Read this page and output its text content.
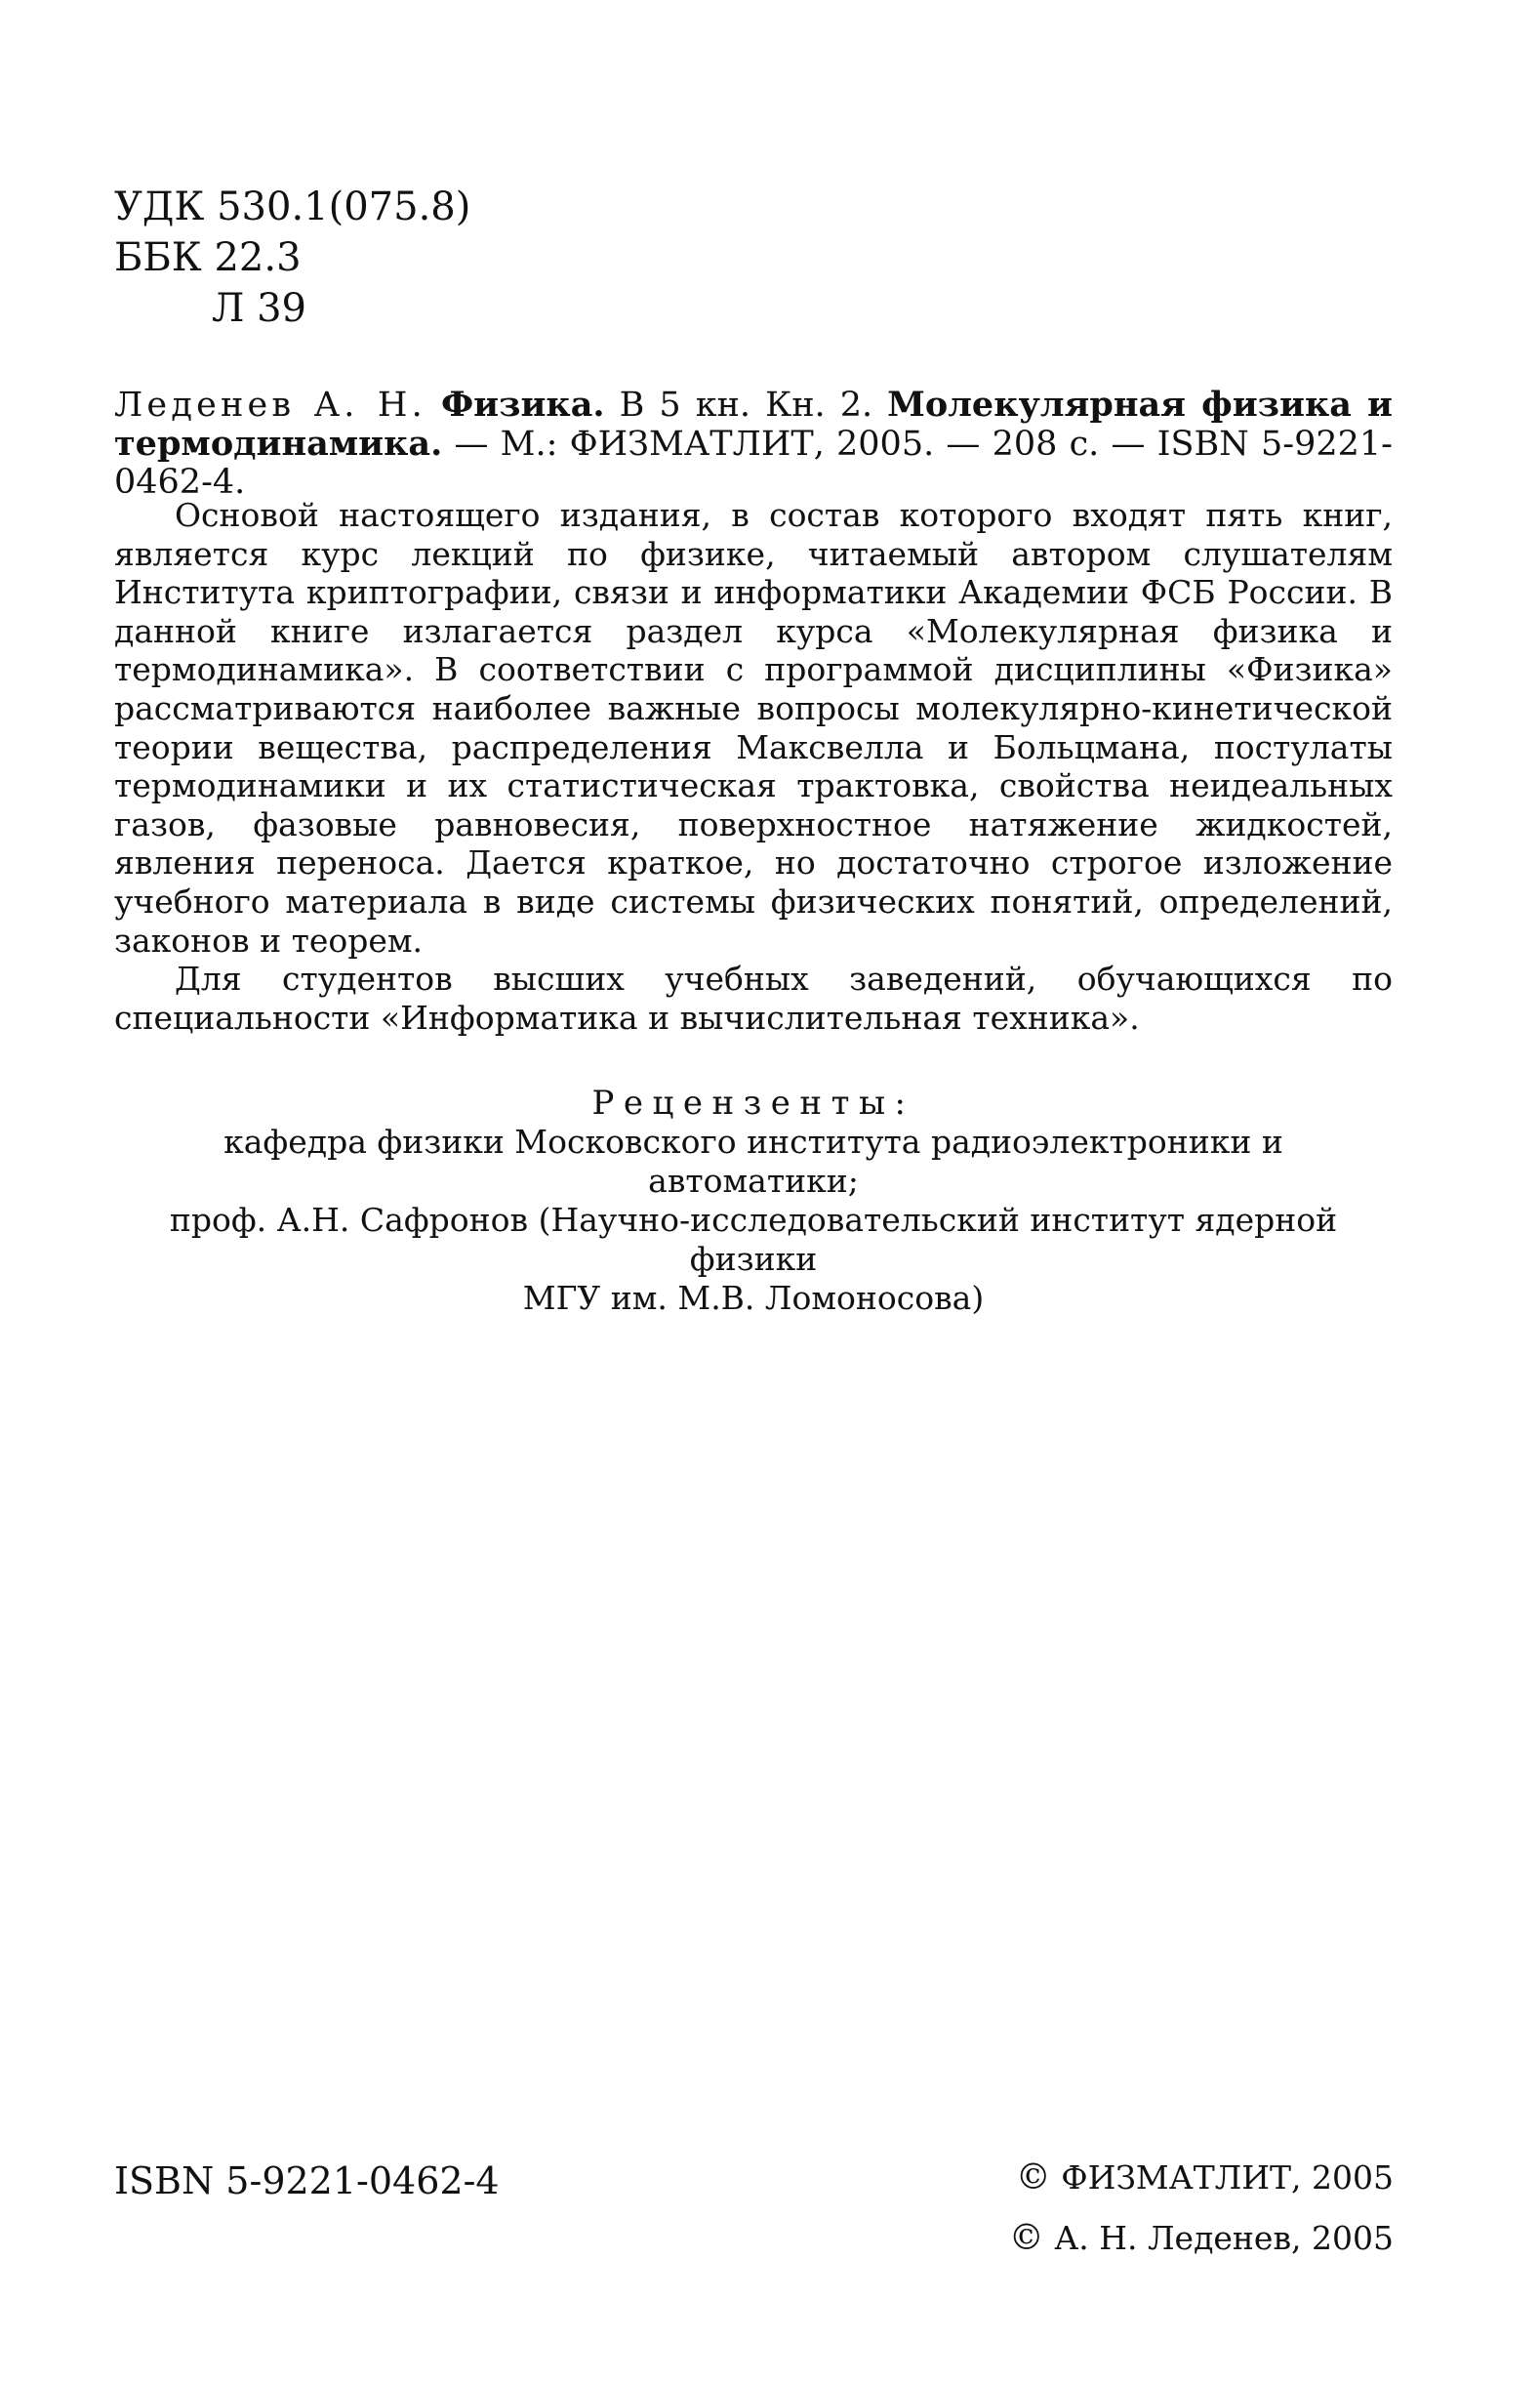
УДК 530.1(075.8)
ББК 22.3
Л 39
Леденев А. Н. Физика. В 5 кн. Кн. 2. Молекулярная физика и термодинамика. — М.: ФИЗМАТЛИТ, 2005. — 208 с. — ISBN 5-9221-0462-4.

Основой настоящего издания, в состав которого входят пять книг, является курс лекций по физике, читаемый автором слушателям Института криптографии, связи и информатики Академии ФСБ России. В данной книге излагается раздел курса «Молекулярная физика и термодинамика». В соответствии с программой дисциплины «Физика» рассматриваются наиболее важные вопросы молекулярно-кинетической теории вещества, распределения Максвелла и Больцмана, постулаты термодинамики и их статистическая трактовка, свойства неидеальных газов, фазовые равновесия, поверхностное натяжение жидкостей, явления переноса. Дается краткое, но достаточно строгое изложение учебного материала в виде системы физических понятий, определений, законов и теорем.

Для студентов высших учебных заведений, обучающихся по специальности «Информатика и вычислительная техника».

Рецензенты:
кафедра физики Московского института радиоэлектроники и автоматики;
проф. А.Н. Сафронов (Научно-исследовательский институт ядерной физики
МГУ им. М.В. Ломоносова)
ISBN 5-9221-0462-4	© ФИЗМАТЛИТ, 2005
© А. Н. Леденев, 2005
